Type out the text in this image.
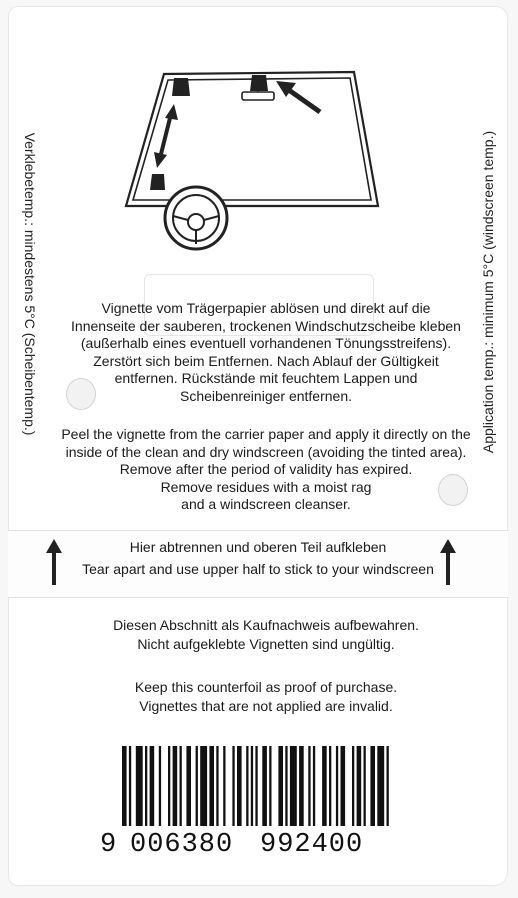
Verklebetemp.: mindestens 5°C (Scheibentemp.)	Application temp.: minimum 5°C (windscreen temp.)
Vignette vom Trägerpapier ablösen und direkt auf die
Innenseite der sauberen, trockenen Windschutzscheibe kleben
(außerhalb eines eventuell vorhandenen Tönungsstreifens).
Zerstört sich beim Entfernen. Nach Ablauf der Gültigkeit
entfernen. Rückstände mit feuchtem Lappen und
Scheibenreiniger entfernen.
Peel the vignette from the carrier paper and apply it directly on the
inside of the clean and dry windscreen (avoiding the tinted area).
Remove after the period of validity has expired.
Remove residues with a moist rag
and a windscreen cleanser.
Hier abtrennen und oberen Teil aufkleben
Tear apart and use upper half to stick to your windscreen
Diesen Abschnitt als Kaufnachweis aufbewahren.
Nicht aufgeklebte Vignetten sind ungültig.
Keep this counterfoil as proof of purchase.
Vignettes that are not applied are invalid.
9 006380 992400
